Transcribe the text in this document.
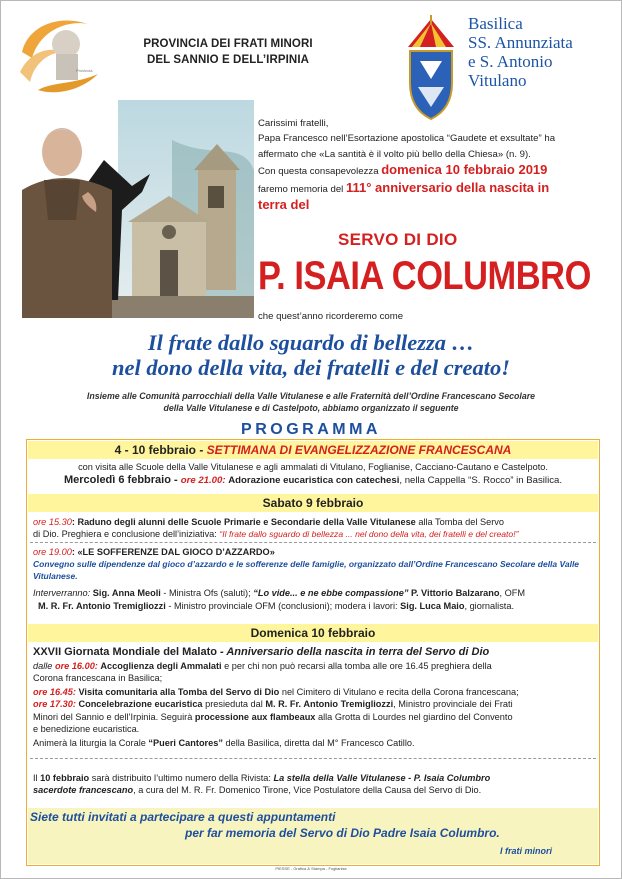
Provincia
PROVINCIA DEI FRATI MINORI
DEL SANNIO E DELL’IRPINIA
Basilica
SS. Annunziata
e S. Antonio
Vitulano
Carissimi fratelli,
Papa Francesco nell’Esortazione apostolica “Gaudete et exsultate” ha
affermato che «La santità è il volto più bello della Chiesa» (n. 9).
Con questa consapevolezza domenica 10 febbraio 2019
faremo memoria del 111° anniversario della nascita in
terra del
SERVO DI DIO
P. ISAIA COLUMBRO
che quest’anno ricorderemo come
Il frate dallo sguardo di bellezza …
nel dono della vita, dei fratelli e del creato!
Insieme alle Comunità parrocchiali della Valle Vitulanese e alle Fraternità dell’Ordine Francescano Secolare
della Valle Vitulanese e di Castelpoto, abbiamo organizzato il seguente
PROGRAMMA
4 - 10 febbraio - SETTIMANA DI EVANGELIZZAZIONE FRANCESCANA
con visita alle Scuole della Valle Vitulanese e agli ammalati di Vitulano, Foglianise, Cacciano-Cautano e Castelpoto.
Mercoledì 6 febbraio - ore 21.00: Adorazione eucaristica con catechesi, nella Cappella “S. Rocco” in Basilica.
Sabato 9 febbraio
ore 15.30: Raduno degli alunni delle Scuole Primarie e Secondarie della Valle Vitulanese alla Tomba del Servo
di Dio. Preghiera e conclusione dell’iniziativa: “Il frate dallo sguardo di bellezza ... nel dono della vita, dei fratelli e del creato!”
ore 19.00: «LE SOFFERENZE DAL GIOCO D’AZZARDO»
Convegno sulle dipendenze dal gioco d’azzardo e le sofferenze delle famiglie, organizzato dall’Ordine Francescano Secolare della Valle
Vitulanese.
Interverranno: Sig. Anna Meoli - Ministra Ofs (saluti); “Lo vide... e ne ebbe compassione” P. Vittorio Balzarano, OFM
M. R. Fr. Antonio Tremigliozzi - Ministro provinciale OFM (conclusioni); modera i lavori: Sig. Luca Maio, giornalista.
Domenica 10 febbraio
XXVII Giornata Mondiale del Malato - Anniversario della nascita in terra del Servo di Dio
dalle ore 16.00: Accoglienza degli Ammalati e per chi non può recarsi alla tomba alle ore 16.45 preghiera della
Corona francescana in Basilica;
ore 16.45: Visita comunitaria alla Tomba del Servo di Dio nel Cimitero di Vitulano e recita della Corona francescana;
ore 17.30: Concelebrazione eucaristica presieduta dal M. R. Fr. Antonio Tremigliozzi, Ministro provinciale dei Frati
Minori del Sannio e dell’Irpinia. Seguirà processione aux flambeaux alla Grotta di Lourdes nel giardino del Convento
e benedizione eucaristica.
Animerà la liturgia la Corale “Pueri Cantores” della Basilica, diretta dal M° Francesco Catillo.
Il 10 febbraio sarà distribuito l’ultimo numero della Rivista: La stella della Valle Vitulanese - P. Isaia Columbro
sacerdote francescano, a cura del M. R. Fr. Domenico Tirone, Vice Postulatore della Causa del Servo di Dio.
Siete tutti invitati a partecipare a questi appuntamenti
per far memoria del Servo di Dio Padre Isaia Columbro.
I frati minori
PIESSE - Grafica & Stampa - Foglianise
